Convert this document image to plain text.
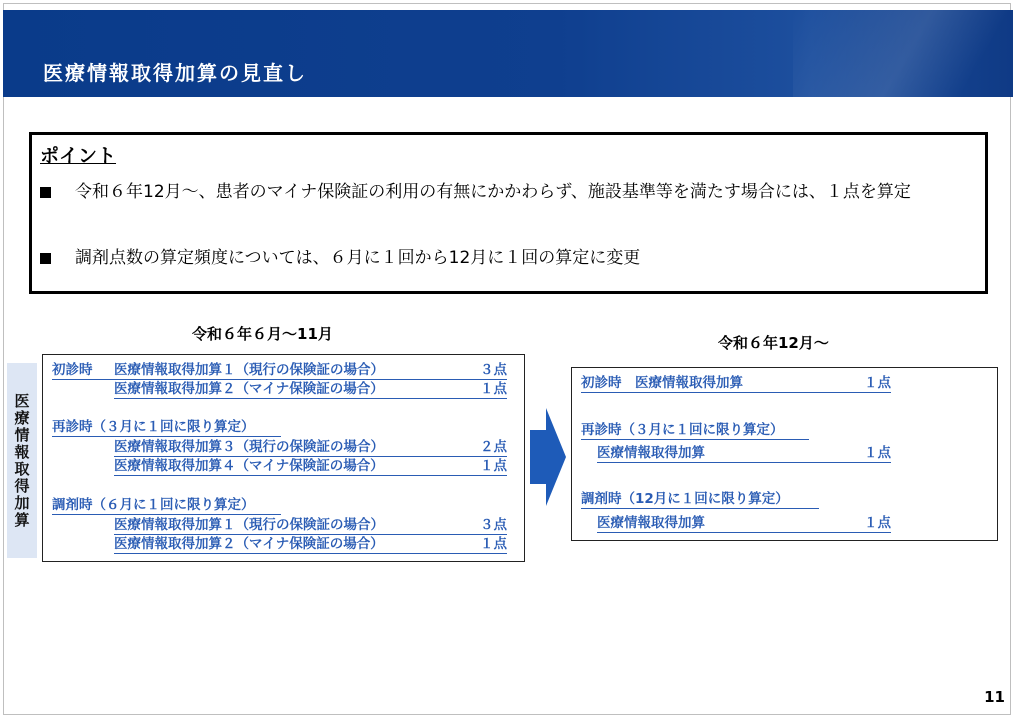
医療情報取得加算の見直し
ポイント
令和６年12月～、患者のマイナ保険証の利用の有無にかかわらず、施設基準等を満たす場合には、１点を算定
調剤点数の算定頻度については、６月に１回から12月に１回の算定に変更
令和６年６月～11月	令和６年12月～
医療情報取得加算
初診時 医療情報取得加算１（現行の保険証の場合）	３点
医療情報取得加算２（マイナ保険証の場合）	１点
再診時（３月に１回に限り算定）
医療情報取得加算３（現行の保険証の場合）	２点
医療情報取得加算４（マイナ保険証の場合）	１点
調剤時（６月に１回に限り算定）
医療情報取得加算１（現行の保険証の場合）	３点
医療情報取得加算２（マイナ保険証の場合）	１点
初診時　医療情報取得加算	１点
再診時（３月に１回に限り算定）
医療情報取得加算	１点
調剤時（12月に１回に限り算定）
医療情報取得加算	１点
11
